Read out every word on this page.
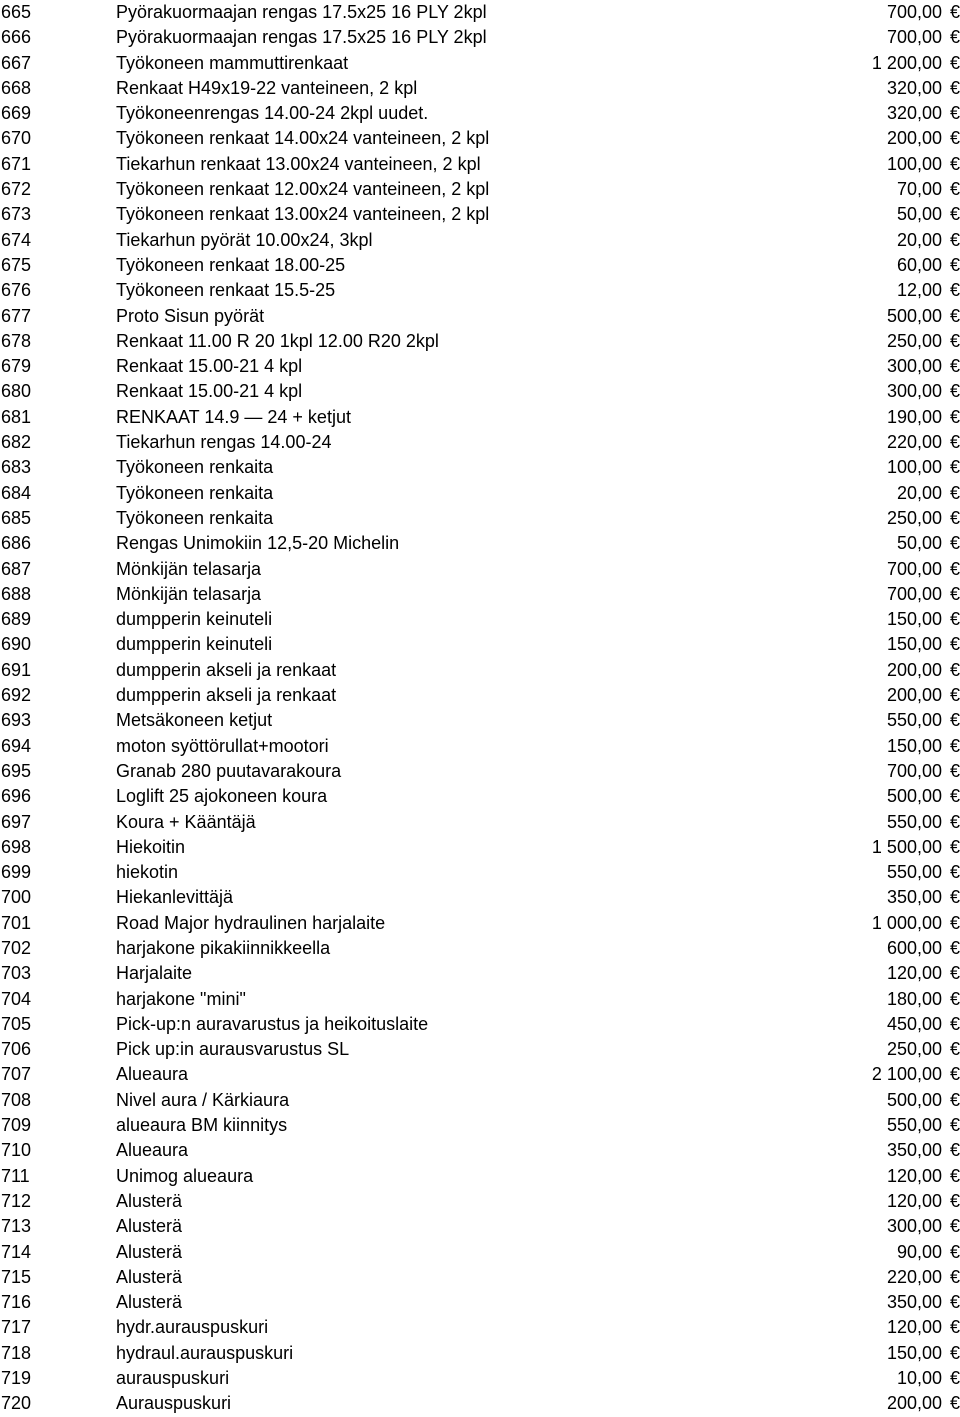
665	Pyörakuormaajan rengas 17.5x25 16 PLY 2kpl	700,00 €
666	Pyörakuormaajan rengas 17.5x25 16 PLY 2kpl	700,00 €
667	Työkoneen mammuttirenkaat	1 200,00 €
668	Renkaat H49x19-22 vanteineen, 2 kpl	320,00 €
669	Työkoneenrengas 14.00-24 2kpl uudet.	320,00 €
670	Työkoneen renkaat 14.00x24 vanteineen, 2 kpl	200,00 €
671	Tiekarhun renkaat 13.00x24 vanteineen, 2 kpl	100,00 €
672	Työkoneen renkaat 12.00x24 vanteineen, 2 kpl	70,00 €
673	Työkoneen renkaat 13.00x24 vanteineen, 2 kpl	50,00 €
674	Tiekarhun pyörät 10.00x24, 3kpl	20,00 €
675	Työkoneen renkaat 18.00-25	60,00 €
676	Työkoneen renkaat 15.5-25	12,00 €
677	Proto Sisun pyörät	500,00 €
678	Renkaat 11.00 R 20 1kpl 12.00 R20 2kpl	250,00 €
679	Renkaat 15.00-21 4 kpl	300,00 €
680	Renkaat 15.00-21 4 kpl	300,00 €
681	RENKAAT 14.9 — 24 + ketjut	190,00 €
682	Tiekarhun rengas 14.00-24	220,00 €
683	Työkoneen renkaita	100,00 €
684	Työkoneen renkaita	20,00 €
685	Työkoneen renkaita	250,00 €
686	Rengas Unimokiin 12,5-20 Michelin	50,00 €
687	Mönkijän telasarja	700,00 €
688	Mönkijän telasarja	700,00 €
689	dumpperin keinuteli	150,00 €
690	dumpperin keinuteli	150,00 €
691	dumpperin akseli ja renkaat	200,00 €
692	dumpperin akseli ja renkaat	200,00 €
693	Metsäkoneen ketjut	550,00 €
694	moton syöttörullat+mootori	150,00 €
695	Granab 280 puutavarakoura	700,00 €
696	Loglift 25 ajokoneen koura	500,00 €
697	Koura + Kääntäjä	550,00 €
698	Hiekoitin	1 500,00 €
699	hiekotin	550,00 €
700	Hiekanlevittäjä	350,00 €
701	Road Major hydraulinen harjalaite	1 000,00 €
702	harjakone pikakiinnikkeella	600,00 €
703	Harjalaite	120,00 €
704	harjakone "mini"	180,00 €
705	Pick-up:n auravarustus ja heikoituslaite	450,00 €
706	Pick up:in aurausvarustus SL	250,00 €
707	Alueaura	2 100,00 €
708	Nivel aura / Kärkiaura	500,00 €
709	alueaura BM kiinnitys	550,00 €
710	Alueaura	350,00 €
711	Unimog alueaura	120,00 €
712	Alusterä	120,00 €
713	Alusterä	300,00 €
714	Alusterä	90,00 €
715	Alusterä	220,00 €
716	Alusterä	350,00 €
717	hydr.aurauspuskuri	120,00 €
718	hydraul.aurauspuskuri	150,00 €
719	aurauspuskuri	10,00 €
720	Aurauspuskuri	200,00 €
